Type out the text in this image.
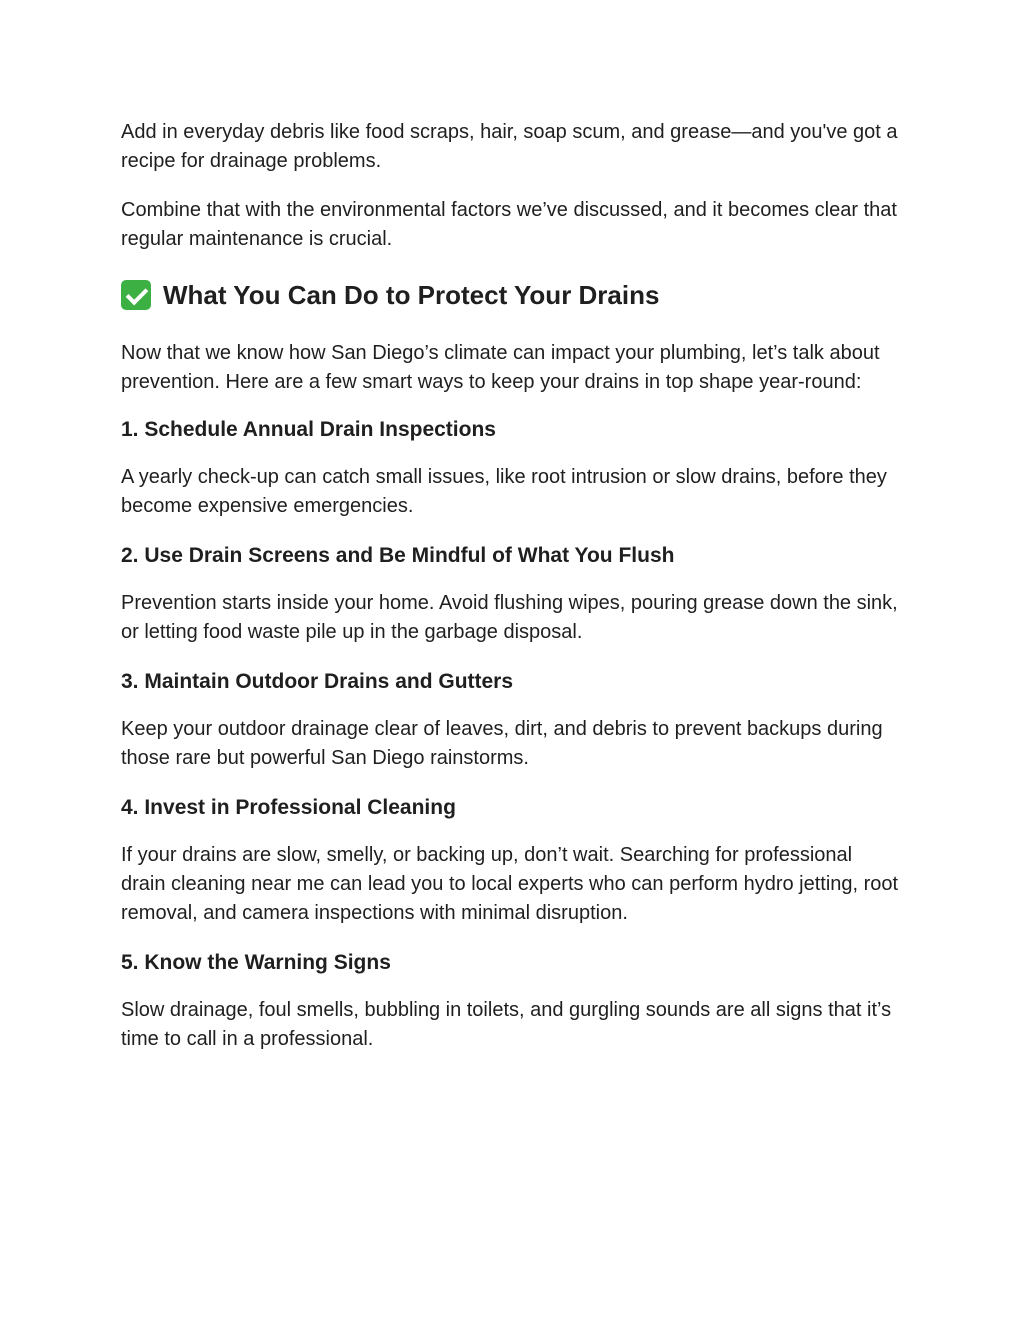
Add in everyday debris like food scraps, hair, soap scum, and grease—and you've got a recipe for drainage problems.

Combine that with the environmental factors we’ve discussed, and it becomes clear that regular maintenance is crucial.

What You Can Do to Protect Your Drains

Now that we know how San Diego’s climate can impact your plumbing, let’s talk about prevention. Here are a few smart ways to keep your drains in top shape year-round:

1. Schedule Annual Drain Inspections

A yearly check-up can catch small issues, like root intrusion or slow drains, before they become expensive emergencies.

2. Use Drain Screens and Be Mindful of What You Flush

Prevention starts inside your home. Avoid flushing wipes, pouring grease down the sink, or letting food waste pile up in the garbage disposal.

3. Maintain Outdoor Drains and Gutters

Keep your outdoor drainage clear of leaves, dirt, and debris to prevent backups during those rare but powerful San Diego rainstorms.

4. Invest in Professional Cleaning

If your drains are slow, smelly, or backing up, don’t wait. Searching for professional drain cleaning near me can lead you to local experts who can perform hydro jetting, root removal, and camera inspections with minimal disruption.

5. Know the Warning Signs

Slow drainage, foul smells, bubbling in toilets, and gurgling sounds are all signs that it’s time to call in a professional.
